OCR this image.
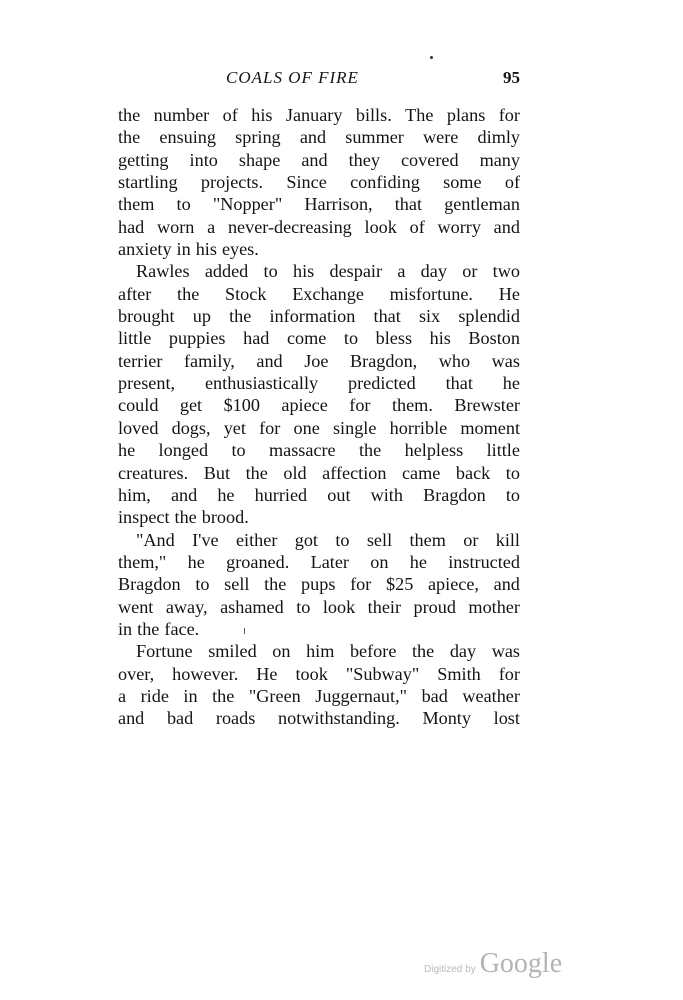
COALS OF FIRE	95
the number of his January bills. The plans for
the ensuing spring and summer were dimly
getting into shape and they covered many
startling projects. Since confiding some of
them to "Nopper" Harrison, that gentleman
had worn a never-decreasing look of worry and
anxiety in his eyes.
Rawles added to his despair a day or two
after the Stock Exchange misfortune. He
brought up the information that six splendid
little puppies had come to bless his Boston
terrier family, and Joe Bragdon, who was
present, enthusiastically predicted that he
could get $100 apiece for them. Brewster
loved dogs, yet for one single horrible moment
he longed to massacre the helpless little
creatures. But the old affection came back to
him, and he hurried out with Bragdon to
inspect the brood.
"And I've either got to sell them or kill
them," he groaned. Later on he instructed
Bragdon to sell the pups for $25 apiece, and
went away, ashamed to look their proud mother
in the face.
Fortune smiled on him before the day was
over, however. He took "Subway" Smith for
a ride in the "Green Juggernaut," bad weather
and bad roads notwithstanding. Monty lost
Digitized by Google
